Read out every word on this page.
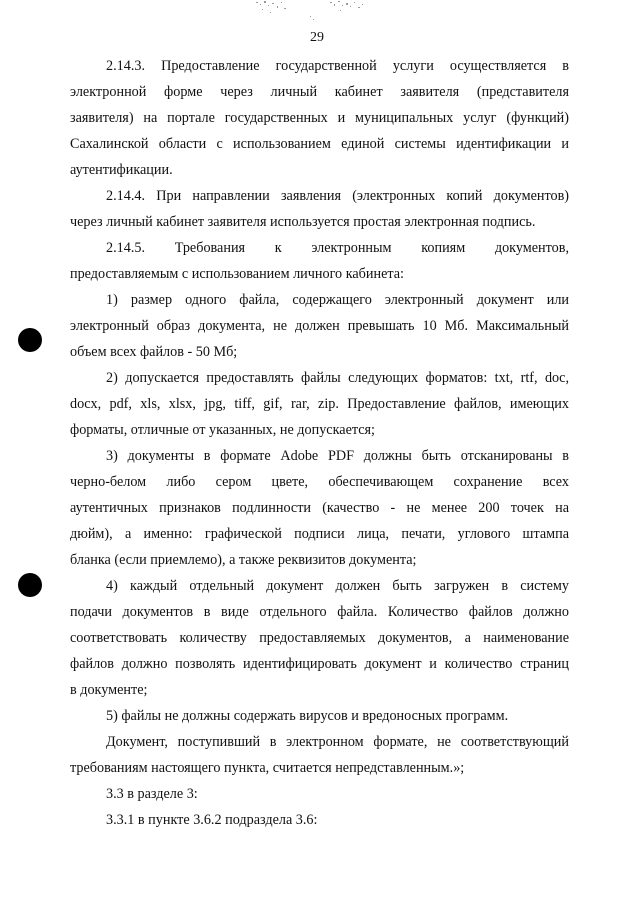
29
2.14.3. Предоставление государственной услуги осуществляется в
электронной форме через личный кабинет заявителя (представителя
заявителя) на портале государственных и муниципальных услуг (функций)
Сахалинской области с использованием единой системы идентификации и
аутентификации.
2.14.4. При направлении заявления (электронных копий документов)
через личный кабинет заявителя используется простая электронная подпись.
2.14.5. Требования к электронным копиям документов,
предоставляемым с использованием личного кабинета:
1) размер одного файла, содержащего электронный документ или
электронный образ документа, не должен превышать 10 Мб. Максимальный
объем всех файлов - 50 Мб;
2) допускается предоставлять файлы следующих форматов: txt, rtf, doc,
docx, pdf, xls, xlsx, jpg, tiff, gif, rar, zip. Предоставление файлов, имеющих
форматы, отличные от указанных, не допускается;
3) документы в формате Adobe PDF должны быть отсканированы в
черно-белом либо сером цвете, обеспечивающем сохранение всех
аутентичных признаков подлинности (качество - не менее 200 точек на
дюйм), а именно: графической подписи лица, печати, углового штампа
бланка (если приемлемо), а также реквизитов документа;
4) каждый отдельный документ должен быть загружен в систему
подачи документов в виде отдельного файла. Количество файлов должно
соответствовать количеству предоставляемых документов, а наименование
файлов должно позволять идентифицировать документ и количество страниц
в документе;
5) файлы не должны содержать вирусов и вредоносных программ.
Документ, поступивший в электронном формате, не соответствующий
требованиям настоящего пункта, считается непредставленным.»;
3.3 в разделе 3:
3.3.1 в пункте 3.6.2 подраздела 3.6:
